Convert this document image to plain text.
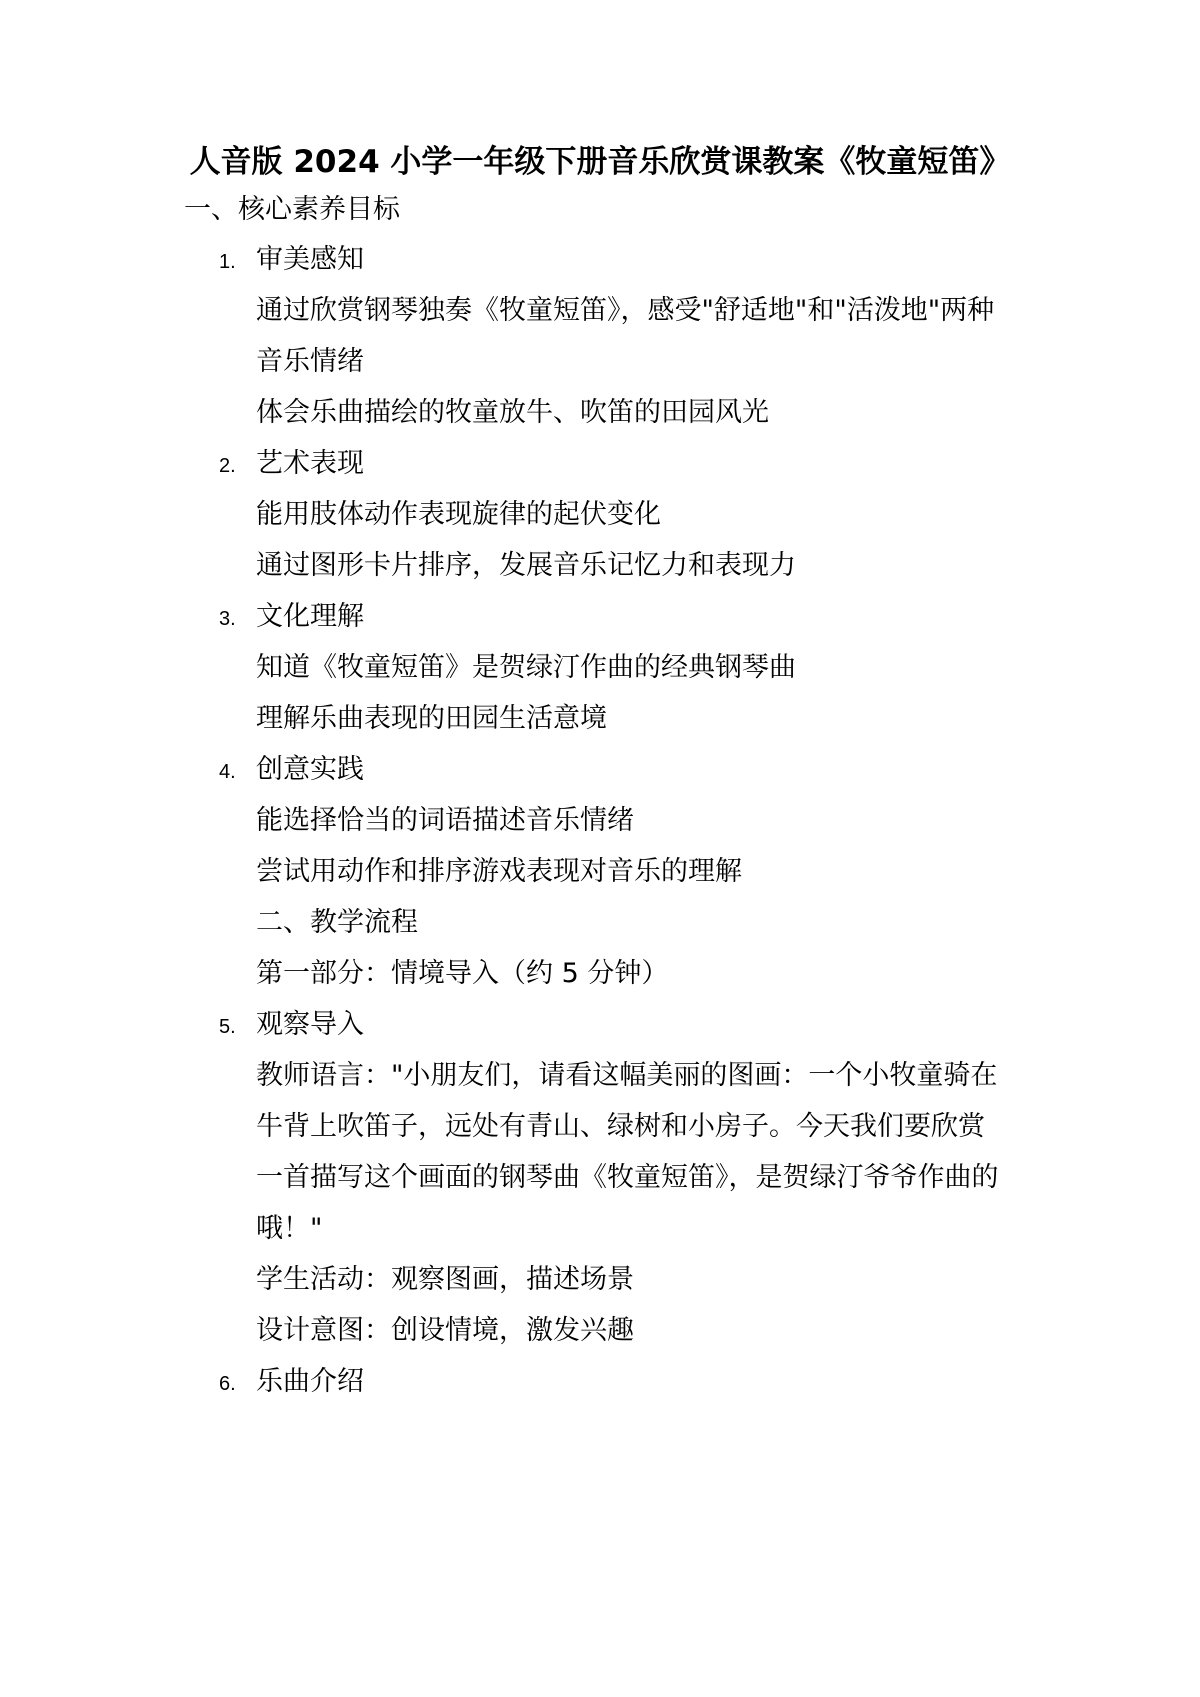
人音版 2024 小学一年级下册音乐欣赏课教案《牧童短笛》
一、核心素养目标
1. 审美感知
通过欣赏钢琴独奏《牧童短笛》，感受"舒适地"和"活泼地"两种
音乐情绪
体会乐曲描绘的牧童放牛、吹笛的田园风光
2. 艺术表现
能用肢体动作表现旋律的起伏变化
通过图形卡片排序，发展音乐记忆力和表现力
3. 文化理解
知道《牧童短笛》是贺绿汀作曲的经典钢琴曲
理解乐曲表现的田园生活意境
4. 创意实践
能选择恰当的词语描述音乐情绪
尝试用动作和排序游戏表现对音乐的理解
二、教学流程
第一部分：情境导入（约 5 分钟）
5. 观察导入
教师语言："小朋友们，请看这幅美丽的图画：一个小牧童骑在
牛背上吹笛子，远处有青山、绿树和小房子。今天我们要欣赏
一首描写这个画面的钢琴曲《牧童短笛》，是贺绿汀爷爷作曲的
哦！"
学生活动：观察图画，描述场景
设计意图：创设情境，激发兴趣
6. 乐曲介绍
